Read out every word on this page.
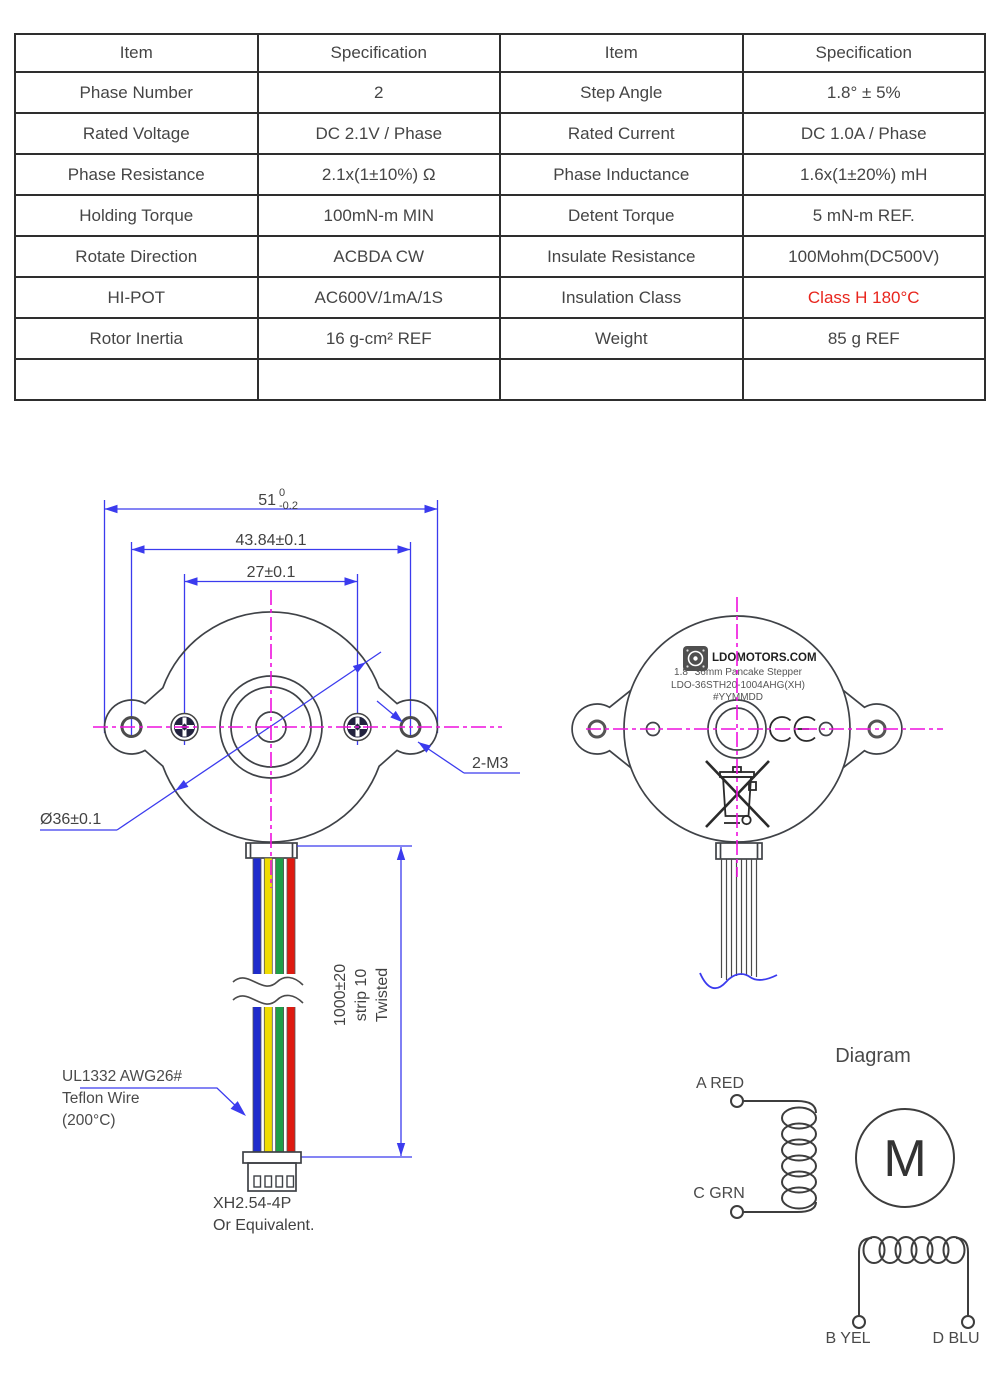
Item	Specification	Item	Specification
Phase Number	2	Step Angle	1.8° ± 5%
Rated Voltage	DC 2.1V / Phase	Rated Current	DC 1.0A / Phase
Phase Resistance	2.1x(1±10%) Ω	Phase Inductance	1.6x(1±20%) mH
Holding Torque	100mN-m MIN	Detent Torque	5 mN-m REF.
Rotate Direction	ACBDA CW	Insulate Resistance	100Mohm(DC500V)
HI-POT	AC600V/1mA/1S	Insulation Class	Class H 180°C
Rotor Inertia	16 g-cm² REF	Weight	85 g REF

51 0
-0.2
43.84±0.1
27±0.1
1000±20 strip 10 Twisted
XH2.54-4P
Or Equivalent.
UL1332 AWG26#
Teflon Wire
(200°C)
2-M3
Ø36±0.1
LDOMOTORS.COM
1.8° 36mm Pancake Stepper
LDO-36STH20-1004AHG(XH)
#YYMMDD
Diagram
A RED
C GRN
M
B YEL	D BLU
